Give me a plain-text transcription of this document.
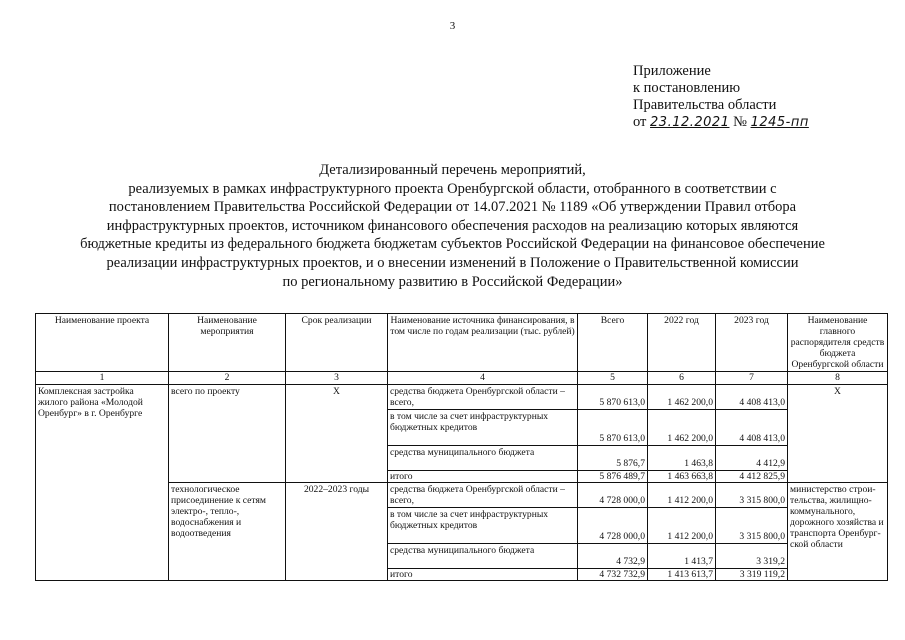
3
Приложение
к постановлению
Правительства области
от 23.12.2021 № 1245-пп
Детализированный перечень мероприятий,
реализуемых в рамках инфраструктурного проекта Оренбургской области, отобранного в соответствии с
постановлением Правительства Российской Федерации от 14.07.2021 № 1189 «Об утверждении Правил отбора
инфраструктурных проектов, источником финансового обеспечения расходов на реализацию которых являются
бюджетные кредиты из федерального бюджета бюджетам субъектов Российской Федерации на финансовое обеспечение
реализации инфраструктурных проектов, и о внесении изменений в Положение о Правительственной комиссии
по региональному развитию в Российской Федерации»
Наименование проекта	Наименование мероприятия	Срок реализации	Наименование источника финансирования, в том числе по годам реализации (тыс. рублей)	Всего	2022 год	2023 год	Наименование главного распорядителя средств бюджета Оренбургской области
1	2	3	4	5	6	7	8
Комплексная застройка жилого района «Молодой Оренбург» в г. Оренбурге	всего по проекту	Х	средства бюджета Оренбургской области – всего,	5 870 613,0	1 462 200,0	4 408 413,0	Х
			в том числе за счет инфраструктурных бюджетных кредитов	5 870 613,0	1 462 200,0	4 408 413,0	
			средства муниципального бюджета	5 876,7	1 463,8	4 412,9	
			итого	5 876 489,7	1 463 663,8	4 412 825,9	
	технологическое присоединение к сетям электро-, тепло-, водоснабжения и водоотведения	2022–2023 годы	средства бюджета Оренбургской области – всего,	4 728 000,0	1 412 200,0	3 315 800,0	министерство строи-тельства, жилищно-коммунального, дорожного хозяйства и транспорта Оренбург-ской области
			в том числе за счет инфраструктурных бюджетных кредитов	4 728 000,0	1 412 200,0	3 315 800,0	
			средства муниципального бюджета	4 732,9	1 413,7	3 319,2	
			итого	4 732 732,9	1 413 613,7	3 319 119,2	
